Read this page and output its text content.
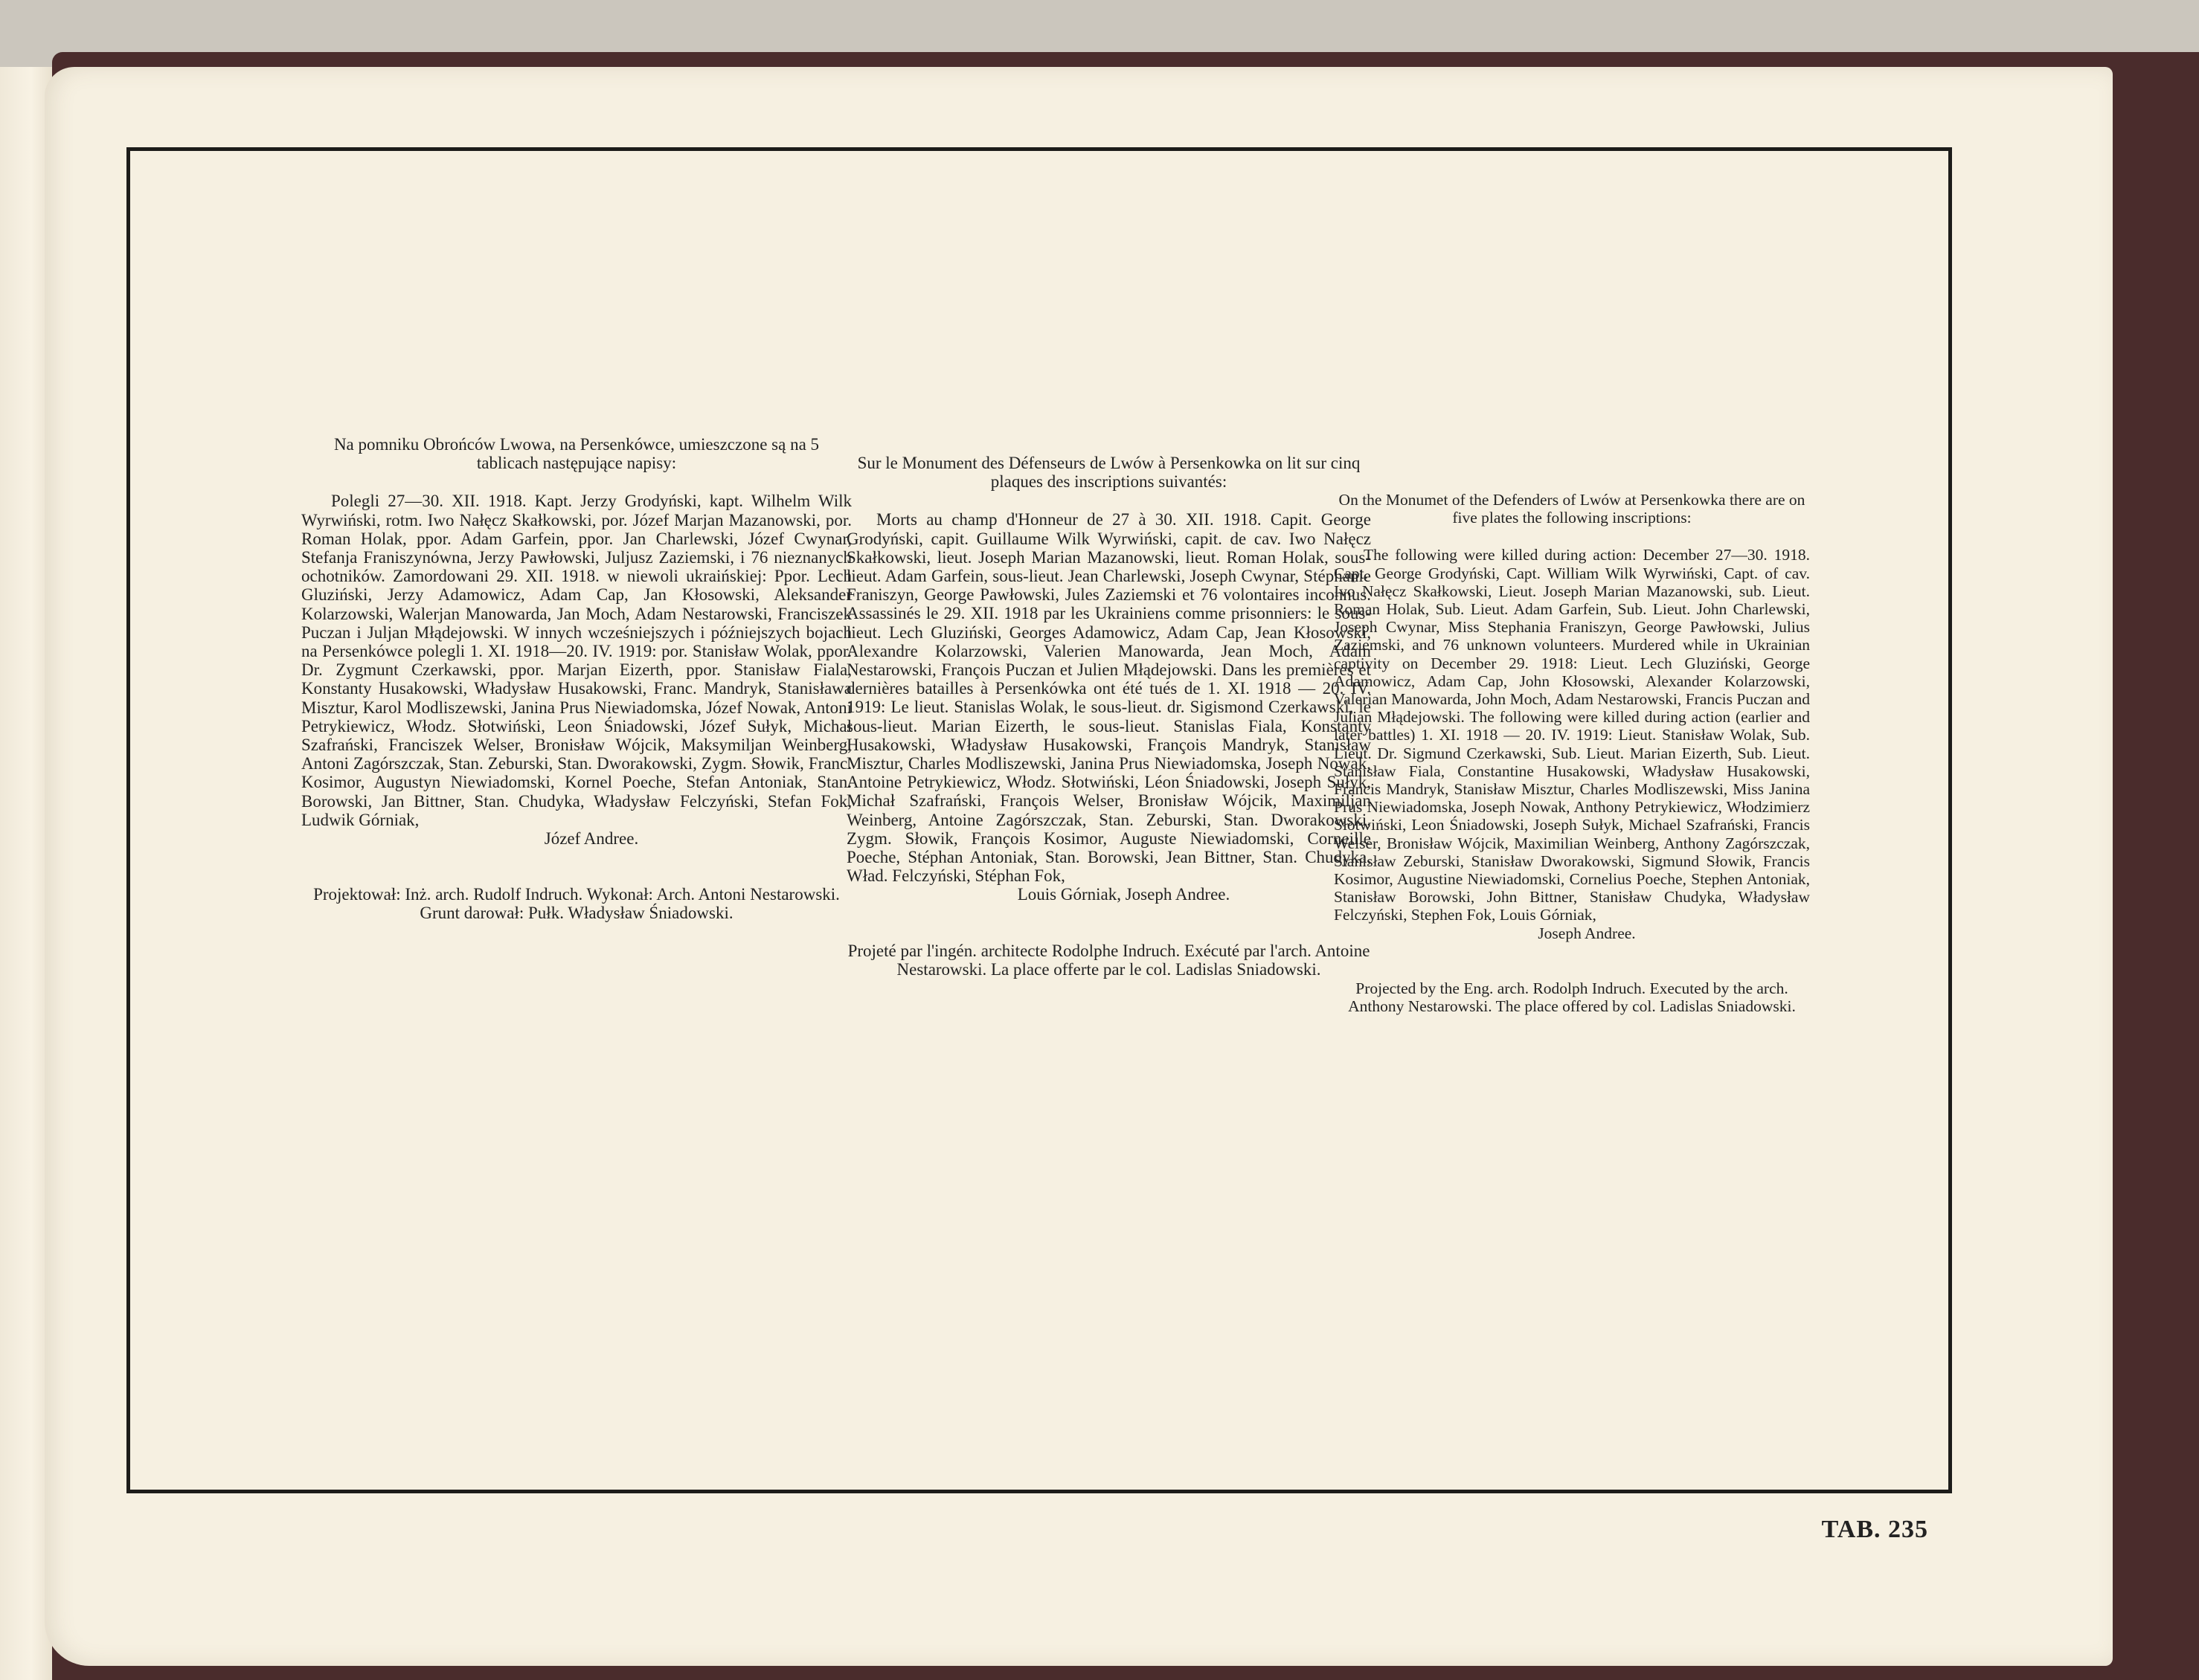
Na pomniku Obrońców Lwowa, na Persenkówce, umieszczone są na 5 tablicach następujące napisy:

Polegli 27—30. XII. 1918. Kapt. Jerzy Grodyński, kapt. Wilhelm Wilk Wyrwiński, rotm. Iwo Nałęcz Skałkowski, por. Józef Marjan Mazanowski, por. Roman Holak, ppor. Adam Garfein, ppor. Jan Charlewski, Józef Cwynar, Stefanja Franiszynówna, Jerzy Pawłowski, Juljusz Zaziemski, i 76 nieznanych ochotników. Zamordowani 29. XII. 1918. w niewoli ukraińskiej: Ppor. Lech Gluziński, Jerzy Adamowicz, Adam Cap, Jan Kłosowski, Aleksander Kolarzowski, Walerjan Manowarda, Jan Moch, Adam Nestarowski, Franciszek Puczan i Juljan Młądejowski. W innych wcześniejszych i późniejszych bojach na Persenkówce polegli 1. XI. 1918—20. IV. 1919: por. Stanisław Wolak, ppor. Dr. Zygmunt Czerkawski, ppor. Marjan Eizerth, ppor. Stanisław Fiala, Konstanty Husakowski, Władysław Husakowski, Franc. Mandryk, Stanisława Misztur, Karol Modliszewski, Janina Prus Niewiadomska, Józef Nowak, Antoni Petrykiewicz, Włodz. Słotwiński, Leon Śniadowski, Józef Sułyk, Michał Szafrański, Franciszek Welser, Bronisław Wójcik, Maksymiljan Weinberg, Antoni Zagórszczak, Stan. Zeburski, Stan. Dworakowski, Zygm. Słowik, Franc. Kosimor, Augustyn Niewiadomski, Kornel Poeche, Stefan Antoniak, Stan. Borowski, Jan Bittner, Stan. Chudyka, Władysław Felczyński, Stefan Fok, Ludwik Górniak,

Józef Andree.

Projektował: Inż. arch. Rudolf Indruch. Wykonał: Arch. Antoni Nestarowski. Grunt darował: Pułk. Władysław Śniadowski.

Sur le Monument des Défenseurs de Lwów à Persenkowka on lit sur cinq plaques des inscriptions suivantés:

Morts au champ d'Honneur de 27 à 30. XII. 1918. Capit. George Grodyński, capit. Guillaume Wilk Wyrwiński, capit. de cav. Iwo Nałęcz Skałkowski, lieut. Joseph Marian Mazanowski, lieut. Roman Holak, sous-lieut. Adam Garfein, sous-lieut. Jean Charlewski, Joseph Cwynar, Stéphanie Franiszyn, George Pawłowski, Jules Zaziemski et 76 volontaires inconnus. Assassinés le 29. XII. 1918 par les Ukrainiens comme prisonniers: le sous-lieut. Lech Gluziński, Georges Adamowicz, Adam Cap, Jean Kłosowski, Alexandre Kolarzowski, Valerien Manowarda, Jean Moch, Adam Nestarowski, François Puczan et Julien Młądejowski. Dans les premières et dernières batailles à Persenkówka ont été tués de 1. XI. 1918 — 20. IV. 1919: Le lieut. Stanislas Wolak, le sous-lieut. dr. Sigismond Czerkawski, le sous-lieut. Marian Eizerth, le sous-lieut. Stanislas Fiala, Konstanty Husakowski, Władysław Husakowski, François Mandryk, Stanisław Misztur, Charles Modliszewski, Janina Prus Niewiadomska, Joseph Nowak, Antoine Petrykiewicz, Włodz. Słotwiński, Léon Śniadowski, Joseph Sułyk, Michał Szafrański, François Welser, Bronisław Wójcik, Maximiljan Weinberg, Antoine Zagórszczak, Stan. Zeburski, Stan. Dworakowski, Zygm. Słowik, François Kosimor, Auguste Niewiadomski, Corneille Poeche, Stéphan Antoniak, Stan. Borowski, Jean Bittner, Stan. Chudyka, Wład. Felczyński, Stéphan Fok,

Louis Górniak, Joseph Andree.

Projeté par l'ingén. architecte Rodolphe Indruch. Exécuté par l'arch. Antoine Nestarowski. La place offerte par le col. Ladislas Sniadowski.

On the Monumet of the Defenders of Lwów at Persenkowka there are on five plates the following inscriptions:

The following were killed during action: December 27—30. 1918. Capt. George Grodyński, Capt. William Wilk Wyrwiński, Capt. of cav. Ivo Nałęcz Skałkowski, Lieut. Joseph Marian Mazanowski, sub. Lieut. Roman Holak, Sub. Lieut. Adam Garfein, Sub. Lieut. John Charlewski, Joseph Cwynar, Miss Stephania Franiszyn, George Pawłowski, Julius Zaziemski, and 76 unknown volunteers. Murdered while in Ukrainian captivity on December 29. 1918: Lieut. Lech Gluziński, George Adamowicz, Adam Cap, John Kłosowski, Alexander Kolarzowski, Valerian Manowarda, John Moch, Adam Nestarowski, Francis Puczan and Julian Młądejowski. The following were killed during action (earlier and later battles) 1. XI. 1918 — 20. IV. 1919: Lieut. Stanisław Wolak, Sub. Lieut. Dr. Sigmund Czerkawski, Sub. Lieut. Marian Eizerth, Sub. Lieut. Stanisław Fiala, Constantine Husakowski, Władysław Husakowski, Francis Mandryk, Stanisław Misztur, Charles Modliszewski, Miss Janina Prus Niewiadomska, Joseph Nowak, Anthony Petrykiewicz, Włodzimierz Słotwiński, Leon Śniadowski, Joseph Sułyk, Michael Szafrański, Francis Welser, Bronisław Wójcik, Maximilian Weinberg, Anthony Zagórszczak, Stanisław Zeburski, Stanisław Dworakowski, Sigmund Słowik, Francis Kosimor, Augustine Niewiadomski, Cornelius Poeche, Stephen Antoniak, Stanisław Borowski, John Bittner, Stanisław Chudyka, Władysław Felczyński, Stephen Fok, Louis Górniak,

Joseph Andree.

Projected by the Eng. arch. Rodolph Indruch. Executed by the arch. Anthony Nestarowski. The place offered by col. Ladislas Sniadowski.

TAB. 235
